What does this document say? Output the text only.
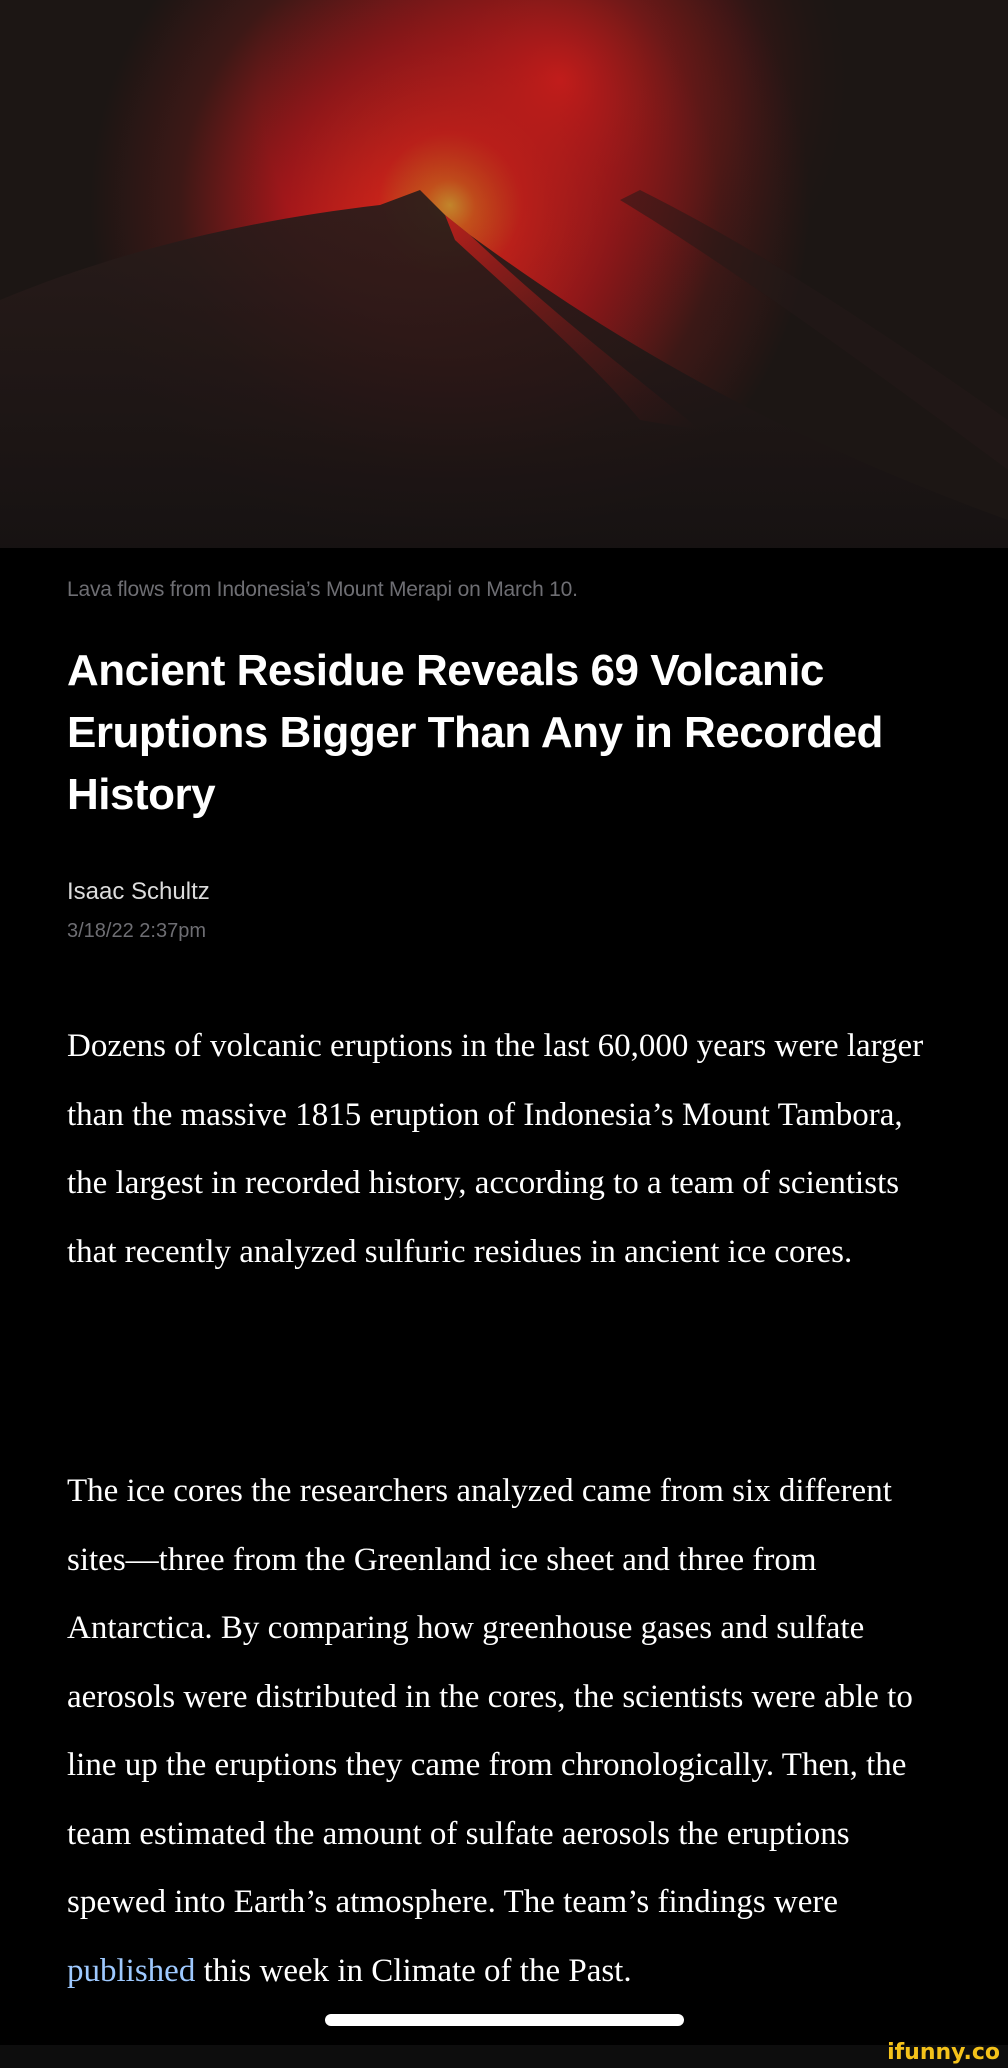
Lava flows from Indonesia’s Mount Merapi on March 10.
Ancient Residue Reveals 69 Volcanic Eruptions Bigger Than Any in Recorded History
Isaac Schultz
3/18/22 2:37pm

Dozens of volcanic eruptions in the last 60,000 years were larger than the massive 1815 eruption of Indonesia’s Mount Tambora, the largest in recorded history, according to a team of scientists that recently analyzed sulfuric residues in ancient ice cores.

The ice cores the researchers analyzed came from six different sites—three from the Greenland ice sheet and three from Antarctica. By comparing how greenhouse gases and sulfate aerosols were distributed in the cores, the scientists were able to line up the eruptions they came from chronologically. Then, the team estimated the amount of sulfate aerosols the eruptions spewed into Earth’s atmosphere. The team’s findings were published this week in Climate of the Past.

ifunny.co
